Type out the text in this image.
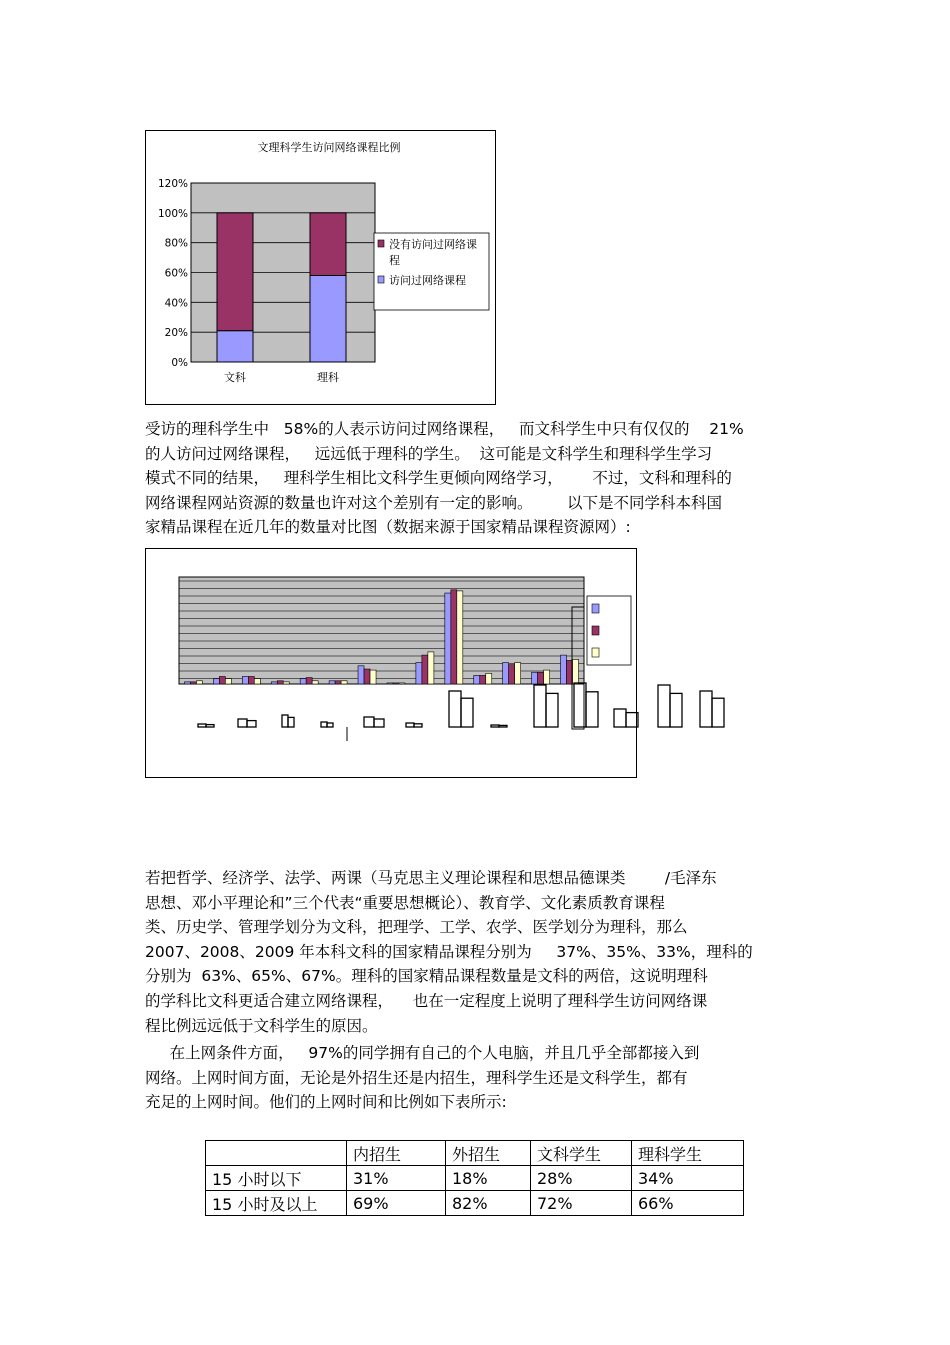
文理科学生访问网络课程比例
0%
20%
40%
60%
80%
100%
120%
文科	理科
没有访问过网络课
程
访问过网络课程
受访的理科学生中   58%的人表示访问过网络课程，   而文科学生中只有仅仅的    21%
的人访问过网络课程，   远远低于理科的学生。  这可能是文科学生和理科学生学习
模式不同的结果，   理科学生相比文科学生更倾向网络学习，      不过，文科和理科的
网络课程网站资源的数量也许对这个差别有一定的影响。       以下是不同学科本科国
家精品课程在近几年的数量对比图（数据来源于国家精品课程资源网）:
若把哲学、经济学、法学、两课（马克思主义理论课程和思想品德课类        /毛泽东
思想、邓小平理论和”三个代表“重要思想概论）、教育学、文化素质教育课程
类、历史学、管理学划分为文科，把理学、工学、农学、医学划分为理科，那么
2007、2008、2009 年本科文科的国家精品课程分别为     37%、35%、33%，理科的
分别为  63%、65%、67%。理科的国家精品课程数量是文科的两倍，这说明理科
的学科比文科更适合建立网络课程，    也在一定程度上说明了理科学生访问网络课
程比例远远低于文科学生的原因。
在上网条件方面，   97%的同学拥有自己的个人电脑，并且几乎全部都接入到
网络。上网时间方面，无论是外招生还是内招生，理科学生还是文科学生，都有
充足的上网时间。他们的上网时间和比例如下表所示:
	内招生	外招生	文科学生	理科学生
15 小时以下	31%	18%	28%	34%
15 小时及以上	69%	82%	72%	66%
